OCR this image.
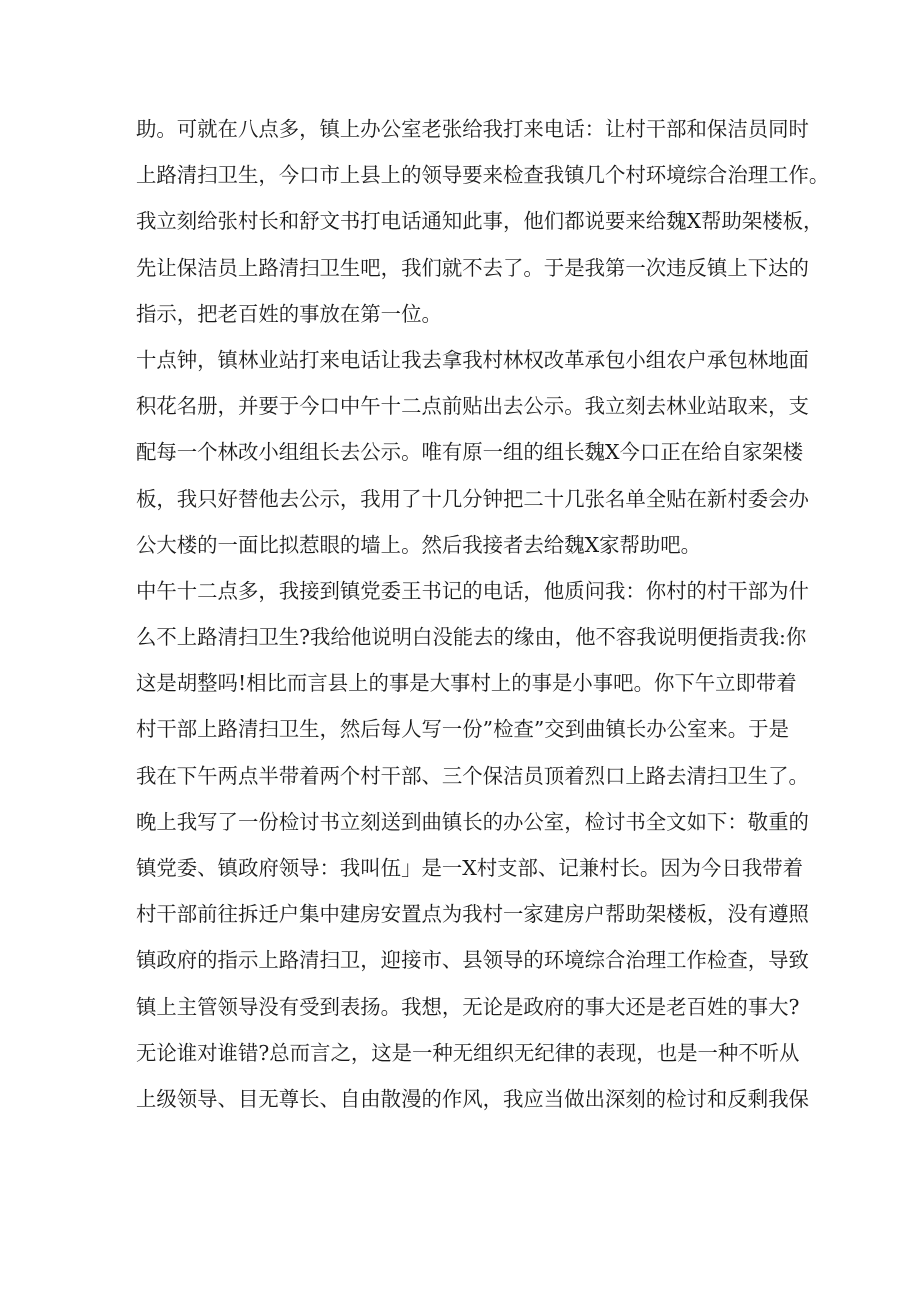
助。可就在八点多，镇上办公室老张给我打来电话：让村干部和保洁员同时
上路清扫卫生，今口市上县上的领导要来检查我镇几个村环境综合治理工作。
我立刻给张村长和舒文书打电话通知此事，他们都说要来给魏X帮助架楼板，
先让保洁员上路清扫卫生吧，我们就不去了。于是我第一次违反镇上下达的
指示，把老百姓的事放在第一位。
十点钟，镇林业站打来电话让我去拿我村林权改革承包小组农户承包林地面
积花名册，并要于今口中午十二点前贴出去公示。我立刻去林业站取来，支
配每一个林改小组组长去公示。唯有原一组的组长魏X今口正在给自家架楼
板，我只好替他去公示，我用了十几分钟把二十几张名单全贴在新村委会办
公大楼的一面比拟惹眼的墙上。然后我接者去给魏X家帮助吧。
中午十二点多，我接到镇党委王书记的电话，他质问我：你村的村干部为什
么不上路清扫卫生?我给他说明白没能去的缘由，他不容我说明便指责我:你
这是胡整吗!相比而言县上的事是大事村上的事是小事吧。你下午立即带着
村干部上路清扫卫生，然后每人写一份”检查”交到曲镇长办公室来。于是
我在下午两点半带着两个村干部、三个保洁员顶着烈口上路去清扫卫生了。
晚上我写了一份检讨书立刻送到曲镇长的办公室，检讨书全文如下：敬重的
镇党委、镇政府领导：我叫伍」是一X村支部、记兼村长。因为今日我带着
村干部前往拆迁户集中建房安置点为我村一家建房户帮助架楼板，没有遵照
镇政府的指示上路清扫卫，迎接市、县领导的环境综合治理工作检查，导致
镇上主管领导没有受到表扬。我想，无论是政府的事大还是老百姓的事大?
无论谁对谁错?总而言之，这是一种无组织无纪律的表现，也是一种不听从
上级领导、目无尊长、自由散漫的作风，我应当做出深刻的检讨和反剩我保
